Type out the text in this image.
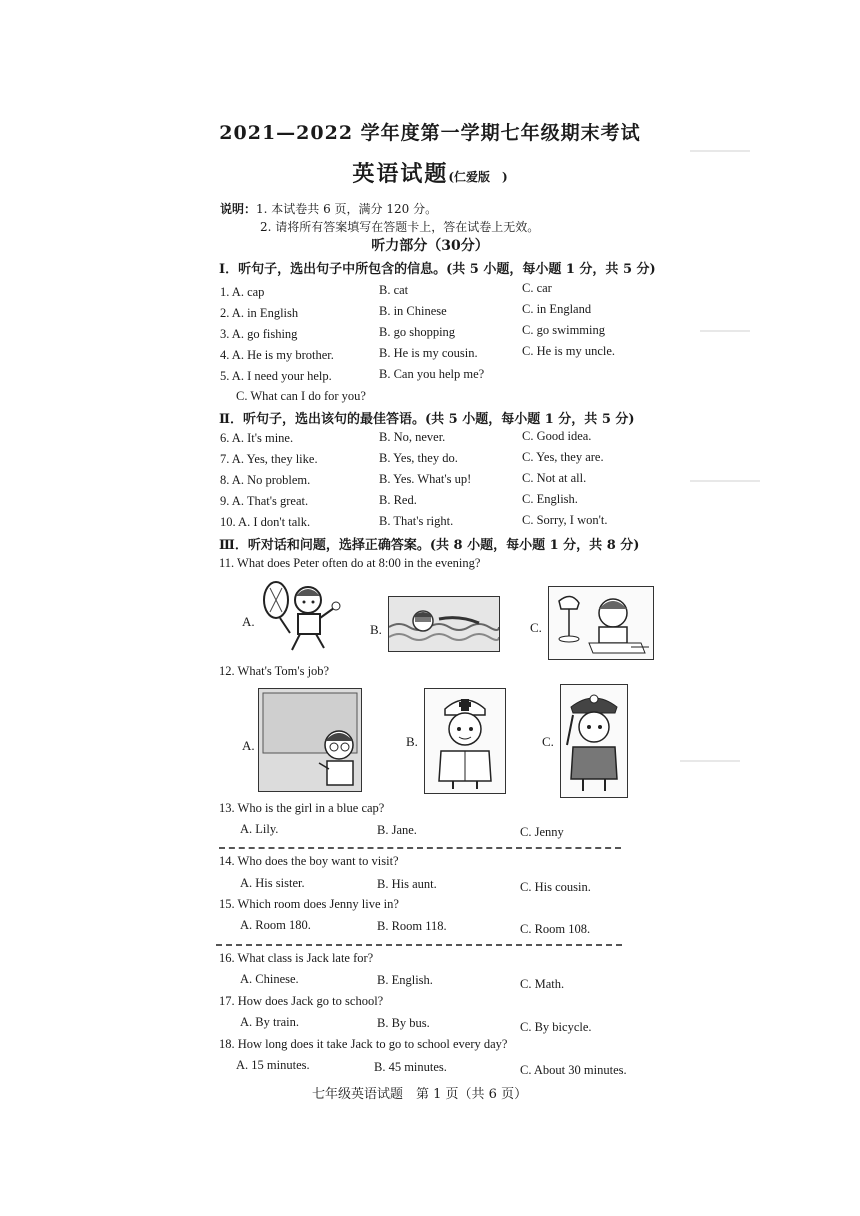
2021—2022 学年度第一学期七年级期末考试
英语试题(仁爱版　)
说明：1. 本试卷共 6 页，满分 120 分。
2. 请将所有答案填写在答题卡上，答在试卷上无效。
听力部分（30分）
Ⅰ．听句子，选出句子中所包含的信息。(共 5 小题，每小题 1 分，共 5 分)
1. A. cap	B. cat	C. car
2. A. in English	B. in Chinese	C. in England
3. A. go fishing	B. go shopping	C. go swimming
4. A. He is my brother.	B. He is my cousin.	C. He is my uncle.
5. A. I need your help.	B. Can you help me?
C. What can I do for you?
Ⅱ．听句子，选出该句的最佳答语。(共 5 小题，每小题 1 分，共 5 分)
6. A. It's mine.	B. No, never.	C. Good idea.
7. A. Yes, they like.	B. Yes, they do.	C. Yes, they are.
8. A. No problem.	B. Yes. What's up!	C. Not at all.
9. A. That's great.	B. Red.	C. English.
10. A. I don't talk.	B. That's right.	C. Sorry, I won't.
Ⅲ．听对话和问题，选择正确答案。(共 8 小题，每小题 1 分，共 8 分)
11. What does Peter often do at 8:00 in the evening?
A.
B.	C.
12. What's Tom's job?
A.	B.	C.
13. Who is the girl in a blue cap?
A. Lily.	B. Jane.	C. Jenny
14. Who does the boy want to visit?
A. His sister.	B. His aunt.	C. His cousin.
15. Which room does Jenny live in?
A. Room 180.	B. Room 118.	C. Room 108.
16. What class is Jack late for?
A. Chinese.	B. English.	C. Math.
17. How does Jack go to school?
A. By train.	B. By bus.	C. By bicycle.
18. How long does it take Jack to go to school every day?
A. 15 minutes.	B. 45 minutes.	C. About 30 minutes.
七年级英语试题　第 1 页（共 6 页）
